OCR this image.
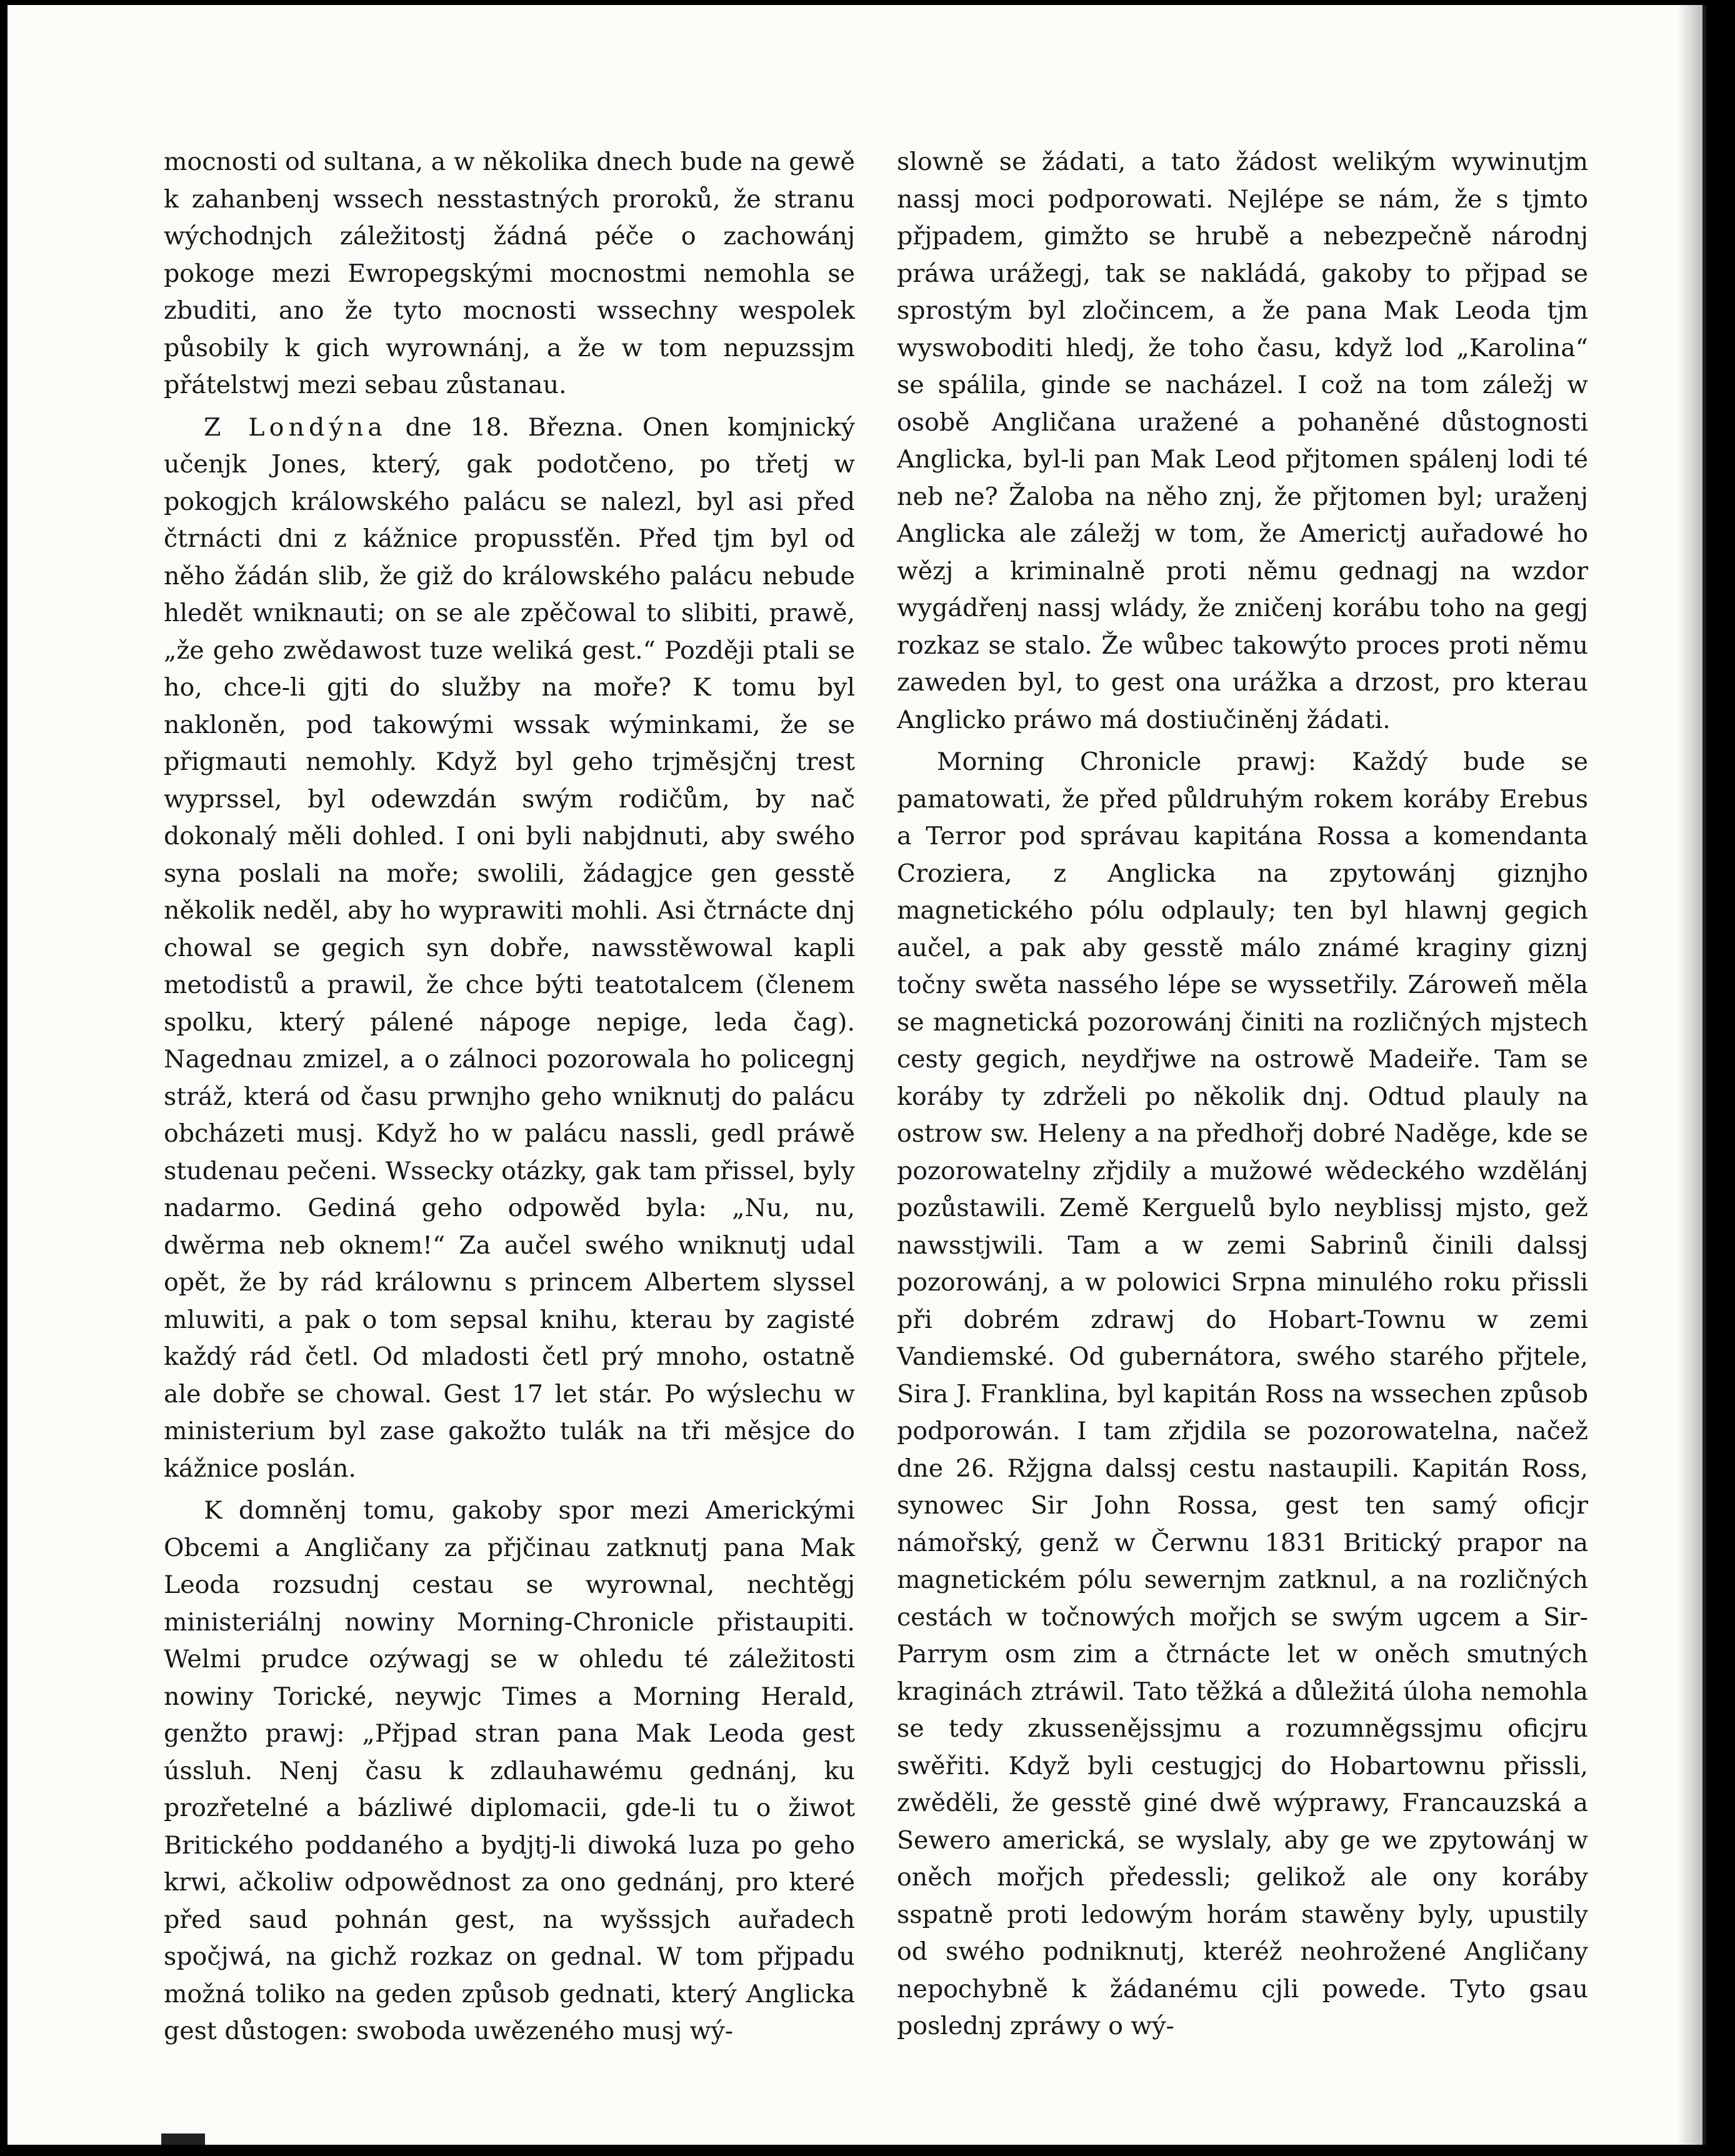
mocnosti od sultana, a w několika dnech bude na gewě k zahanbenj wssech nesstastných proroků, že stranu wýchodnjch záležitostj žádná péče o zachowánj pokoge mezi Ewropegskými mocnostmi nemohla se zbuditi, ano že tyto mocnosti wssechny wespolek působily k gich wyrownánj, a že w tom nepuzssjm přátelstwj mezi sebau zůstanau.

Z Londýna dne 18. Března. Onen komjnický učenjk Jones, který, gak podotčeno, po třetj w pokogjch králowského palácu se nalezl, byl asi před čtrnácti dni z kážnice propussťěn. Před tjm byl od něho žádán slib, že giž do králowského palácu nebude hledět wniknauti; on se ale zpěčowal to slibiti, prawě, „že geho zwědawost tuze weliká gest.“ Později ptali se ho, chce-li gjti do služby na moře? K tomu byl nakloněn, pod takowými wssak wýminkami, že se přigmauti nemohly. Když byl geho trjměsjčnj trest wyprssel, byl odewzdán swým rodičům, by nač dokonalý měli dohled. I oni byli nabjdnuti, aby swého syna poslali na moře; swolili, žádagjce gen gesstě několik neděl, aby ho wyprawiti mohli. Asi čtrnácte dnj chowal se gegich syn dobře, nawsstěwowal kapli metodistů a prawil, že chce býti teatotalcem (členem spolku, který pálené nápoge nepige, leda čag). Nagednau zmizel, a o zálnoci pozorowala ho policegnj stráž, která od času prwnjho geho wniknutj do palácu obcházeti musj. Když ho w palácu nassli, gedl práwě studenau pečeni. Wssecky otázky, gak tam přissel, byly nadarmo. Gediná geho odpowěd byla: „Nu, nu, dwěrma neb oknem!“ Za aučel swého wniknutj udal opět, že by rád králownu s princem Albertem slyssel mluwiti, a pak o tom sepsal knihu, kterau by zagisté každý rád četl. Od mladosti četl prý mnoho, ostatně ale dobře se chowal. Gest 17 let stár. Po wýslechu w ministerium byl zase gakožto tulák na tři měsjce do kážnice poslán.

K domněnj tomu, gakoby spor mezi Americkými Obcemi a Angličany za přjčinau zatknutj pana Mak Leoda rozsudnj cestau se wyrownal, nechtěgj ministeriálnj nowiny Morning-Chronicle přistaupiti. Welmi prudce ozýwagj se w ohledu té záležitosti nowiny Torické, neywjc Times a Morning Herald, genžto prawj: „Přjpad stran pana Mak Leoda gest ússluh. Nenj času k zdlauhawému gednánj, ku prozřetelné a bázliwé diplomacii, gde-li tu o žiwot Britického poddaného a bydjtj-li diwoká luza po geho krwi, ačkoliw odpowědnost za ono gednánj, pro které před saud pohnán gest, na wyšssjch auřadech spočjwá, na gichž rozkaz on gednal. W tom přjpadu možná toliko na geden způsob gednati, který Anglicka gest důstogen: swoboda uwězeného musj wý-

slowně se žádati, a tato žádost welikým wywinutjm nassj moci podporowati. Nejlépe se nám, že s tjmto přjpadem, gimžto se hrubě a nebezpečně národnj práwa urážegj, tak se nakládá, gakoby to přjpad se sprostým byl zločincem, a že pana Mak Leoda tjm wyswoboditi hledj, že toho času, když lod „Karolina“ se spálila, ginde se nacházel. I což na tom záležj w osobě Angličana uražené a pohaněné důstognosti Anglicka, byl-li pan Mak Leod přjtomen spálenj lodi té neb ne? Žaloba na něho znj, že přjtomen byl; uraženj Anglicka ale záležj w tom, že Americtj auřadowé ho wězj a kriminalně proti němu gednagj na wzdor wygádřenj nassj wlády, že zničenj korábu toho na gegj rozkaz se stalo. Že wůbec takowýto proces proti němu zaweden byl, to gest ona urážka a drzost, pro kterau Anglicko práwo má dostiučiněnj žádati.

Morning Chronicle prawj: Každý bude se pamatowati, že před půldruhým rokem koráby Erebus a Terror pod správau kapitána Rossa a komendanta Croziera, z Anglicka na zpytowánj giznjho magnetického pólu odplauly; ten byl hlawnj gegich aučel, a pak aby gesstě málo známé kraginy giznj točny swěta nassého lépe se wyssetřily. Zároweň měla se magnetická pozorowánj činiti na rozličných mjstech cesty gegich, neydřjwe na ostrowě Madeiře. Tam se koráby ty zdrželi po několik dnj. Odtud plauly na ostrow sw. Heleny a na předhořj dobré Naděge, kde se pozorowatelny zřjdily a mužowé wědeckého wzdělánj pozůstawili. Země Kerguelů bylo neyblissj mjsto, gež nawsstjwili. Tam a w zemi Sabrinů činili dalssj pozorowánj, a w polowici Srpna minulého roku přissli při dobrém zdrawj do Hobart-Townu w zemi Vandiemské. Od gubernátora, swého starého přjtele, Sira J. Franklina, byl kapitán Ross na wssechen způsob podporowán. I tam zřjdila se pozorowatelna, načež dne 26. Ržjgna dalssj cestu nastaupili. Kapitán Ross, synowec Sir John Rossa, gest ten samý oficjr námořský, genž w Čerwnu 1831 Britický prapor na magnetickém pólu sewernjm zatknul, a na rozličných cestách w točnowých mořjch se swým ugcem a Sir-Parrym osm zim a čtrnácte let w oněch smutných kraginách ztráwil. Tato těžká a důležitá úloha nemohla se tedy zkussenějssjmu a rozumněgssjmu oficjru swěřiti. Když byli cestugjcj do Hobartownu přissli, zwěděli, že gesstě giné dwě wýprawy, Francauzská a Sewero americká, se wyslaly, aby ge we zpytowánj w oněch mořjch předessli; gelikož ale ony koráby sspatně proti ledowým horám stawěny byly, upustily od swého podniknutj, kteréž neohrožené Angličany nepochybně k žádanému cjli powede. Tyto gsau poslednj zpráwy o wý-
